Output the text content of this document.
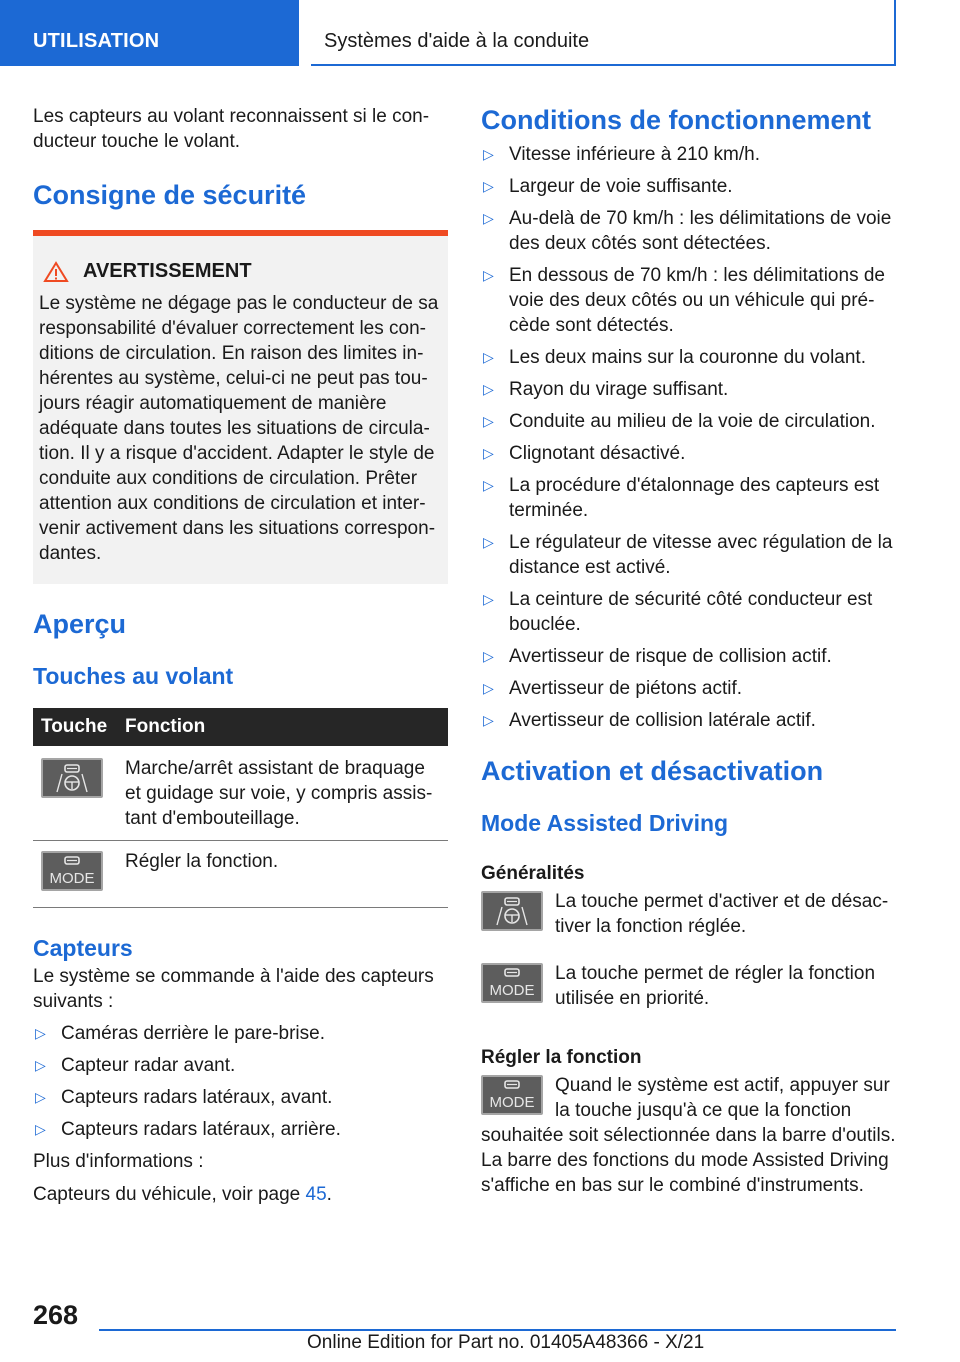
UTILISATION	Systèmes d'aide à la conduite

Les capteurs au volant reconnaissent si le con-ducteur touche le volant.

Consigne de sécurité
AVERTISSEMENT

Le système ne dégage pas le conducteur de sa responsabilité d'évaluer correctement les con-ditions de circulation. En raison des limites in-hérentes au système, celui-ci ne peut pas tou-jours réagir automatiquement de manière adéquate dans toutes les situations de circula-tion. Il y a risque d'accident. Adapter le style de conduite aux conditions de circulation. Prêter attention aux conditions de circulation et inter-venir activement dans les situations correspon-dantes.

Aperçu
Touches au volant
Touche	Fonction

	Marche/arrêt assistant de braquage et guidage sur voie, y compris assis-tant d'embouteillage.

MODE	Régler la fonction.
Capteurs

Le système se commande à l'aide des capteurs suivants :

▷ Caméras derrière le pare-brise.
▷ Capteur radar avant.
▷ Capteurs radars latéraux, avant.
▷ Capteurs radars latéraux, arrière.

Plus d'informations :

Capteurs du véhicule, voir page 45.

Conditions de fonctionnement
▷ Vitesse inférieure à 210 km/h.
▷ Largeur de voie suffisante.
▷ Au-delà de 70 km/h : les délimitations de voie des deux côtés sont détectées.
▷ En dessous de 70 km/h : les délimitations de voie des deux côtés ou un véhicule qui pré-cède sont détectés.
▷ Les deux mains sur la couronne du volant.
▷ Rayon du virage suffisant.
▷ Conduite au milieu de la voie de circulation.
▷ Clignotant désactivé.
▷ La procédure d'étalonnage des capteurs est terminée.
▷ Le régulateur de vitesse avec régulation de la distance est activé.
▷ La ceinture de sécurité côté conducteur est bouclée.
▷ Avertisseur de risque de collision actif.
▷ Avertisseur de piétons actif.
▷ Avertisseur de collision latérale actif.
Activation et désactivation
Mode Assisted Driving
Généralités

La touche permet d'activer et de désac-tiver la fonction réglée.

MODE

La touche permet de régler la fonction utilisée en priorité.

Régler la fonction
MODE

Quand le système est actif, appuyer sur la touche jusqu'à ce que la fonction

souhaitée soit sélectionnée dans la barre d'outils. La barre des fonctions du mode Assisted Driving s'affiche en bas sur le combiné d'instruments.

268
Online Edition for Part no. 01405A48366 - X/21
